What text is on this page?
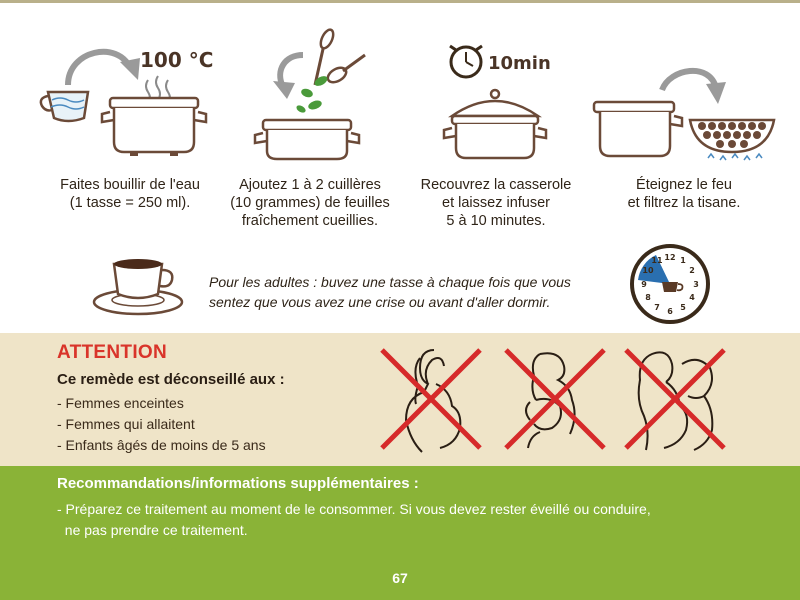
100 °C
Faites bouillir de l'eau
(1 tasse = 250 ml).
Ajoutez 1 à 2 cuillères
(10 grammes) de feuilles
fraîchement cueillies.
10min
Recouvrez la casserole
et laissez infuser
5 à 10 minutes.
Éteignez le feu
et filtrez la tisane.
Pour les adultes : buvez une tasse à chaque fois que vous
sentez que vous avez une crise ou avant d'aller dormir.
12 1
2
3
4
5
6
7
8
9
10
11
ATTENTION
Ce remède est déconseillé aux :
- Femmes enceintes
- Femmes qui allaitent
- Enfants âgés de moins de 5 ans
Recommandations/informations supplémentaires :
- Préparez ce traitement au moment de le consommer. Si vous devez rester éveillé ou conduire,
ne pas prendre ce traitement.
67
